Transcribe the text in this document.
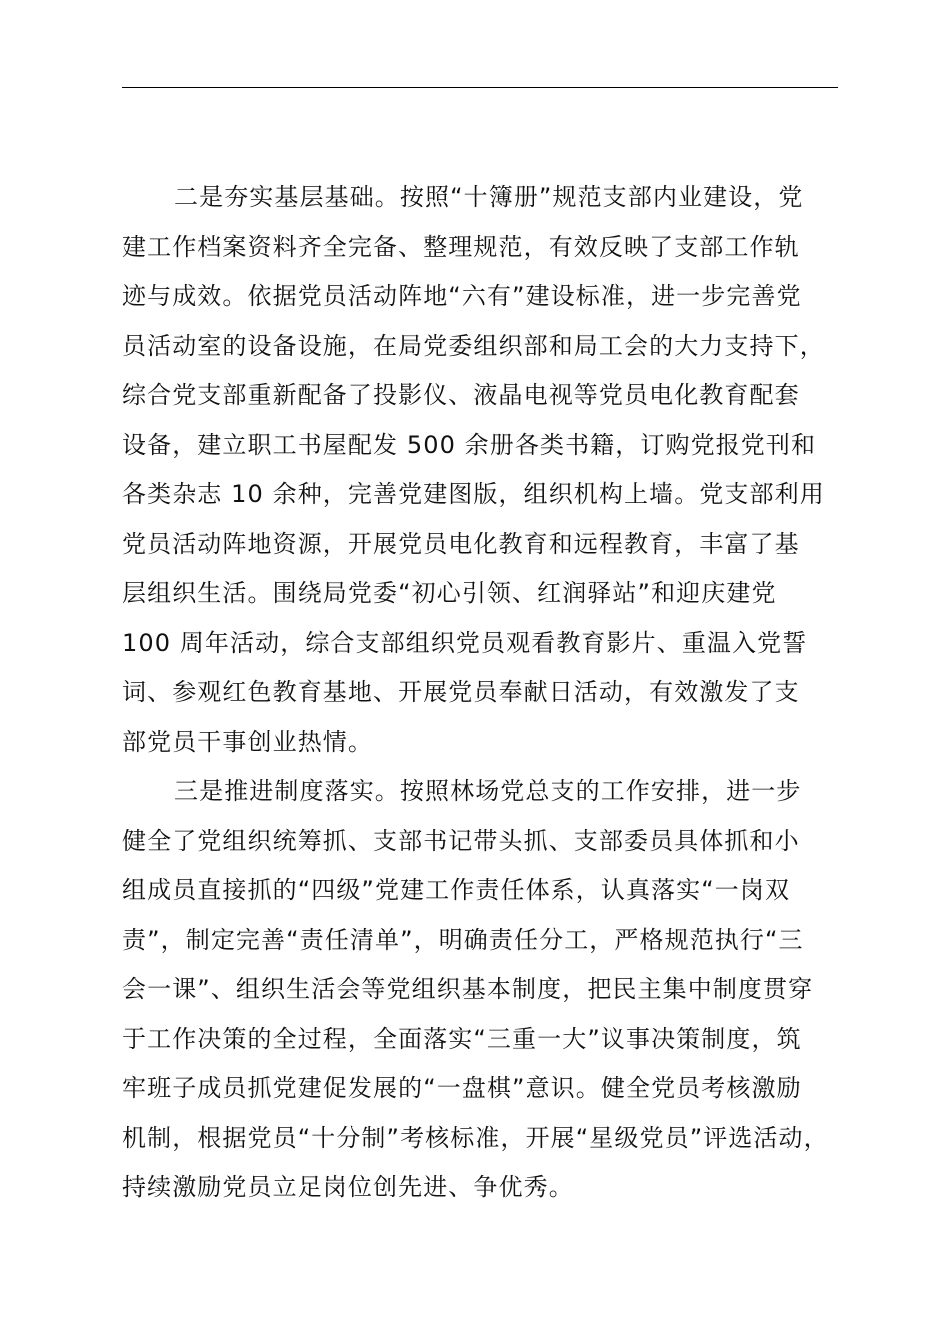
二是夯实基层基础。按照“十簿册”规范支部内业建设，党
建工作档案资料齐全完备、整理规范，有效反映了支部工作轨
迹与成效。依据党员活动阵地“六有”建设标准，进一步完善党
员活动室的设备设施，在局党委组织部和局工会的大力支持下，
综合党支部重新配备了投影仪、液晶电视等党员电化教育配套
设备，建立职工书屋配发 500 余册各类书籍，订购党报党刊和
各类杂志 10 余种，完善党建图版，组织机构上墙。党支部利用
党员活动阵地资源，开展党员电化教育和远程教育，丰富了基
层组织生活。围绕局党委“初心引领、红润驿站”和迎庆建党
100 周年活动，综合支部组织党员观看教育影片、重温入党誓
词、参观红色教育基地、开展党员奉献日活动，有效激发了支
部党员干事创业热情。
三是推进制度落实。按照林场党总支的工作安排，进一步
健全了党组织统筹抓、支部书记带头抓、支部委员具体抓和小
组成员直接抓的“四级”党建工作责任体系，认真落实“一岗双
责”，制定完善“责任清单”，明确责任分工，严格规范执行“三
会一课”、组织生活会等党组织基本制度，把民主集中制度贯穿
于工作决策的全过程，全面落实“三重一大”议事决策制度，筑
牢班子成员抓党建促发展的“一盘棋”意识。健全党员考核激励
机制，根据党员“十分制”考核标准，开展“星级党员”评选活动，
持续激励党员立足岗位创先进、争优秀。
